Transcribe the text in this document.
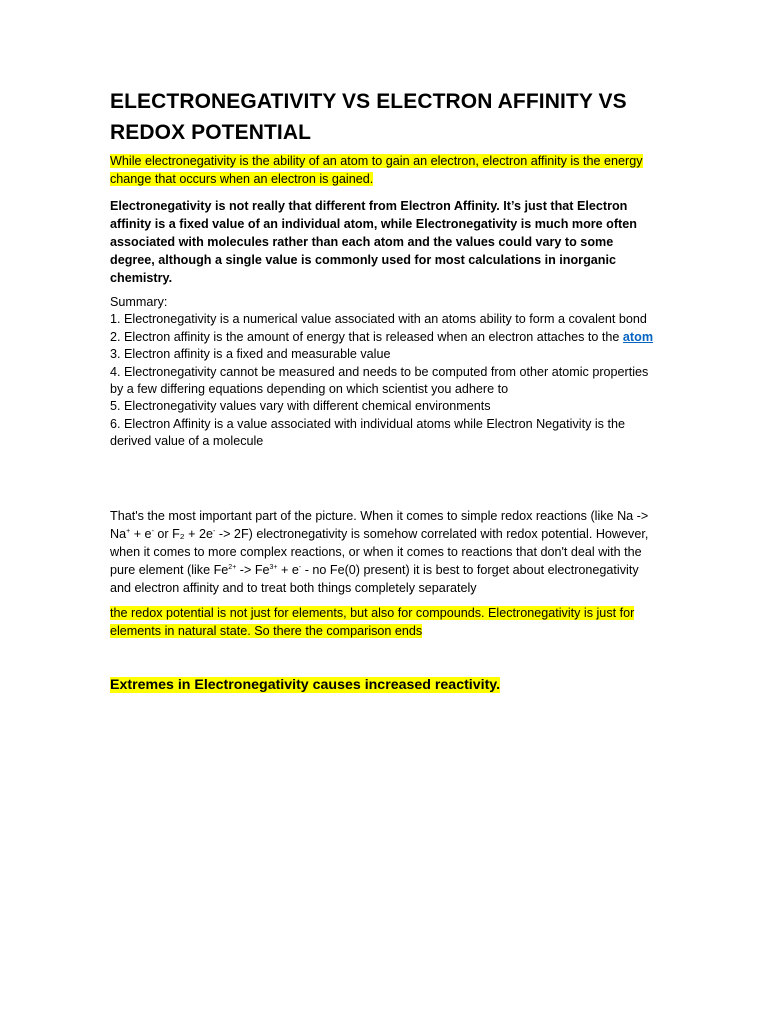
ELECTRONEGATIVITY VS ELECTRON AFFINITY VS REDOX POTENTIAL

While electronegativity is the ability of an atom to gain an electron, electron affinity is the energy change that occurs when an electron is gained.

Electronegativity is not really that different from Electron Affinity. It’s just that Electron affinity is a fixed value of an individual atom, while Electronegativity is much more often associated with molecules rather than each atom and the values could vary to some degree, although a single value is commonly used for most calculations in inorganic chemistry.

Summary:
1. Electronegativity is a numerical value associated with an atoms ability to form a covalent bond
2. Electron affinity is the amount of energy that is released when an electron attaches to the atom
3. Electron affinity is a fixed and measurable value
4. Electronegativity cannot be measured and needs to be computed from other atomic properties by a few differing equations depending on which scientist you adhere to
5. Electronegativity values vary with different chemical environments
6. Electron Affinity is a value associated with individual atoms while Electron Negativity is the derived value of a molecule

That's the most important part of the picture. When it comes to simple redox reactions (like Na -> Na+ + e- or F₂ + 2e- -> 2F) electronegativity is somehow correlated with redox potential. However, when it comes to more complex reactions, or when it comes to reactions that don't deal with the pure element (like $Fe^{2+} -> Fe^{3+} + e^-$ - no Fe(0) present) it is best to forget about electronegativity and electron affinity and to treat both things completely separately

the redox potential is not just for elements, but also for compounds. Electronegativity is just for elements in natural state. So there the comparison ends

Extremes in Electronegativity causes increased reactivity.
